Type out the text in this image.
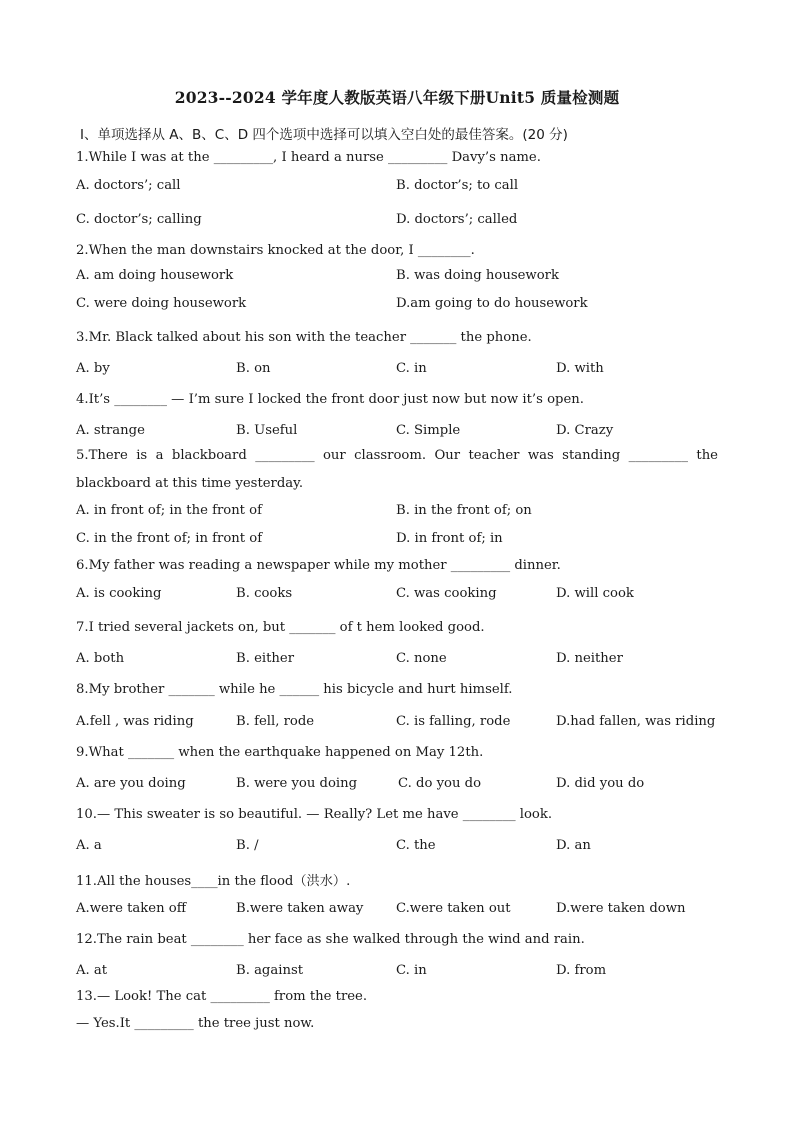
2023--2024 学年度人教版英语八年级下册Unit5 质量检测题
Ⅰ、单项选择从 A、B、C、D 四个选项中选择可以填入空白处的最佳答案。(20 分)
1.While I was at the _________, I heard a nurse _________ Davy’s name.
A. doctors’; call	B. doctor’s; to call
C. doctor’s; calling	D. doctors’; called
2.When the man downstairs knocked at the door, I ________.
A. am doing housework	B. was doing housework
C. were doing housework	D.am going to do housework
3.Mr. Black talked about his son with the teacher _______ the phone.
A. by	B. on	C. in	D. with
4.It’s ________ — I’m sure I locked the front door just now but now it’s open.
A. strange	B. Useful	C. Simple	D. Crazy
5.There is a blackboard _________ our classroom. Our teacher was standing _________ the
blackboard at this time yesterday.
A. in front of; in the front of	B. in the front of; on
C. in the front of; in front of	D. in front of; in
6.My father was reading a newspaper while my mother _________ dinner.
A. is cooking	B. cooks	C. was cooking	D. will cook
7.I tried several jackets on, but _______ of t hem looked good.
A. both	B. either	C. none	D. neither
8.My brother _______ while he ______ his bicycle and hurt himself.
A.fell , was riding	B. fell, rode	C. is falling, rode	D.had fallen, was riding
9.What _______ when the earthquake happened on May 12th.
A. are you doing	B. were you doing	C. do you do	D. did you do
10.— This sweater is so beautiful. — Really? Let me have ________ look.
A. a	B. /	C. the	D. an
11.All the houses____in the flood（洪水）.
A.were taken off	B.were taken away C.were taken out	D.were taken down
12.The rain beat ________ her face as she walked through the wind and rain.
A. at	B. against	C. in	D. from
13.— Look! The cat _________ from the tree.
— Yes.It _________ the tree just now.
